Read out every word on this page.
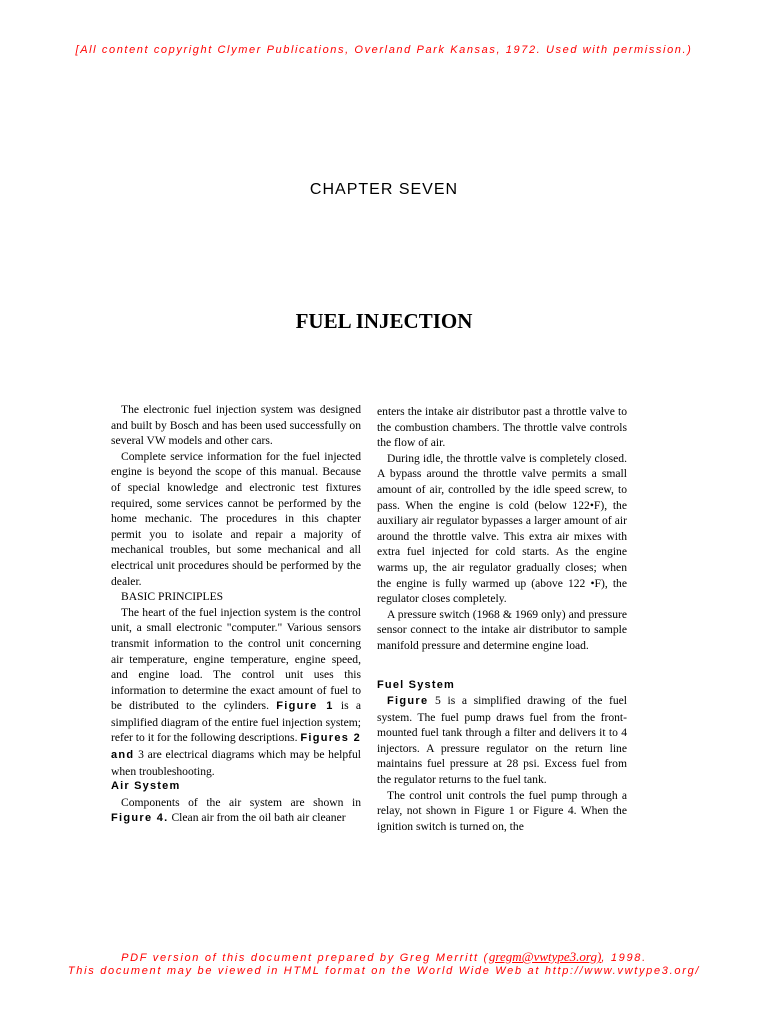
[All content copyright Clymer Publications, Overland Park Kansas, 1972. Used with permission.)

CHAPTER SEVEN
FUEL INJECTION

The electronic fuel injection system was designed and built by Bosch and has been used successfully on several VW models and other cars.

Complete service information for the fuel injected engine is beyond the scope of this manual. Because of special knowledge and electronic test fixtures required, some services cannot be performed by the home mechanic. The procedures in this chapter permit you to isolate and repair a majority of mechanical troubles, but some mechanical and all electrical unit procedures should be performed by the dealer.

BASIC PRINCIPLES

The heart of the fuel injection system is the control unit, a small electronic "computer." Various sensors transmit information to the control unit concerning air temperature, engine temperature, engine speed, and engine load. The control unit uses this information to determine the exact amount of fuel to be distributed to the cylinders. Figure 1 is a simplified diagram of the entire fuel injection system; refer to it for the following descriptions. Figures 2 and 3 are electrical diagrams which may be helpful when troubleshooting.

Air System

Components of the air system are shown in Figure 4. Clean air from the oil bath air cleaner

enters the intake air distributor past a throttle valve to the combustion chambers. The throttle valve controls the flow of air.

During idle, the throttle valve is completely closed. A bypass around the throttle valve permits a small amount of air, controlled by the idle speed screw, to pass. When the engine is cold (below 122•F), the auxiliary air regulator bypasses a larger amount of air around the throttle valve. This extra air mixes with extra fuel injected for cold starts. As the engine warms up, the air regulator gradually closes; when the engine is fully warmed up (above 122 •F), the regulator closes completely.

A pressure switch (1968 & 1969 only) and pressure sensor connect to the intake air distributor to sample manifold pressure and determine engine load.

Fuel System

Figure 5 is a simplified drawing of the fuel system. The fuel pump draws fuel from the front-mounted fuel tank through a filter and delivers it to 4 injectors. A pressure regulator on the return line maintains fuel pressure at 28 psi. Excess fuel from the regulator returns to the fuel tank.

The control unit controls the fuel pump through a relay, not shown in Figure 1 or Figure 4. When the ignition switch is turned on, the

PDF version of this document prepared by Greg Merritt (gregm@vwtype3.org), 1998.

This document may be viewed in HTML format on the World Wide Web at http://www.vwtype3.org/
